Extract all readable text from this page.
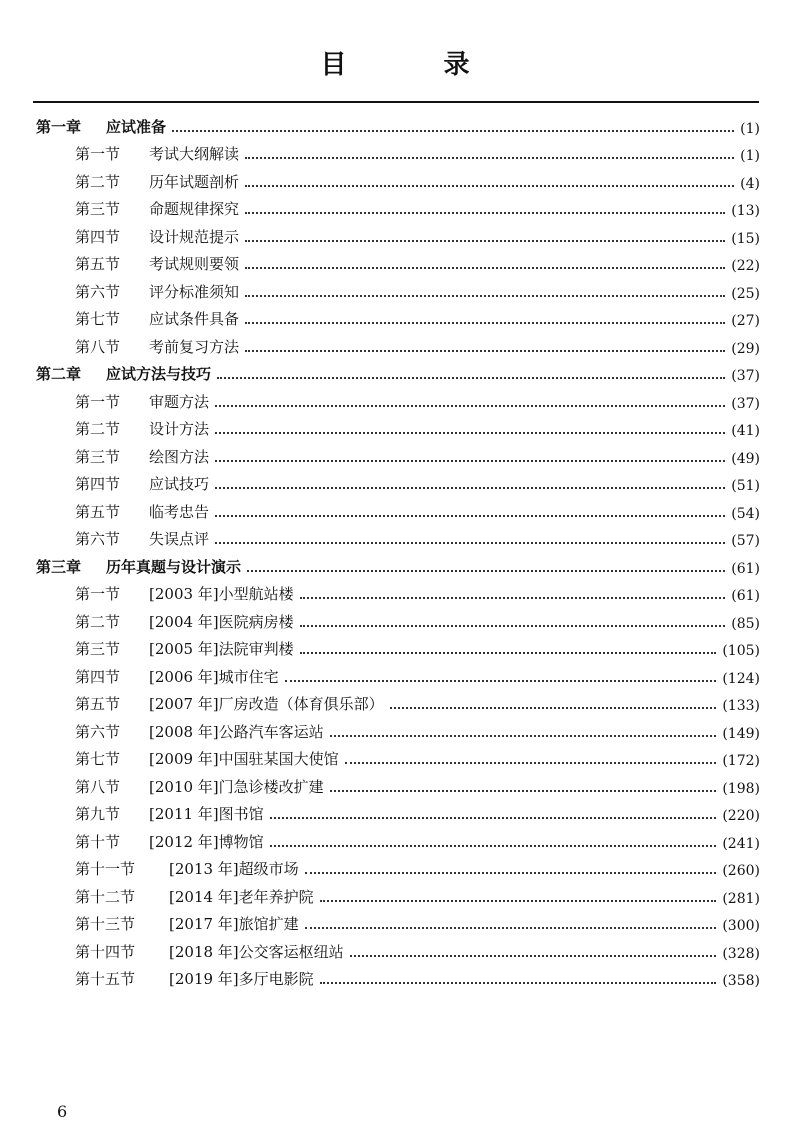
目 录
第一章	应试准备	(1)
第一节	考试大纲解读	(1)
第二节	历年试题剖析	(4)
第三节	命题规律探究	(13)
第四节	设计规范提示	(15)
第五节	考试规则要领	(22)
第六节	评分标准须知	(25)
第七节	应试条件具备	(27)
第八节	考前复习方法	(29)
第二章	应试方法与技巧	(37)
第一节	审题方法	(37)
第二节	设计方法	(41)
第三节	绘图方法	(49)
第四节	应试技巧	(51)
第五节	临考忠告	(54)
第六节	失误点评	(57)
第三章	历年真题与设计演示	(61)
第一节	[2003 年]小型航站楼	(61)
第二节	[2004 年]医院病房楼	(85)
第三节	[2005 年]法院审判楼	(105)
第四节	[2006 年]城市住宅	(124)
第五节	[2007 年]厂房改造（体育俱乐部）	(133)
第六节	[2008 年]公路汽车客运站	(149)
第七节	[2009 年]中国驻某国大使馆	(172)
第八节	[2010 年]门急诊楼改扩建	(198)
第九节	[2011 年]图书馆	(220)
第十节	[2012 年]博物馆	(241)
第十一节	[2013 年]超级市场	(260)
第十二节	[2014 年]老年养护院	(281)
第十三节	[2017 年]旅馆扩建	(300)
第十四节	[2018 年]公交客运枢纽站	(328)
第十五节	[2019 年]多厅电影院	(358)
6
